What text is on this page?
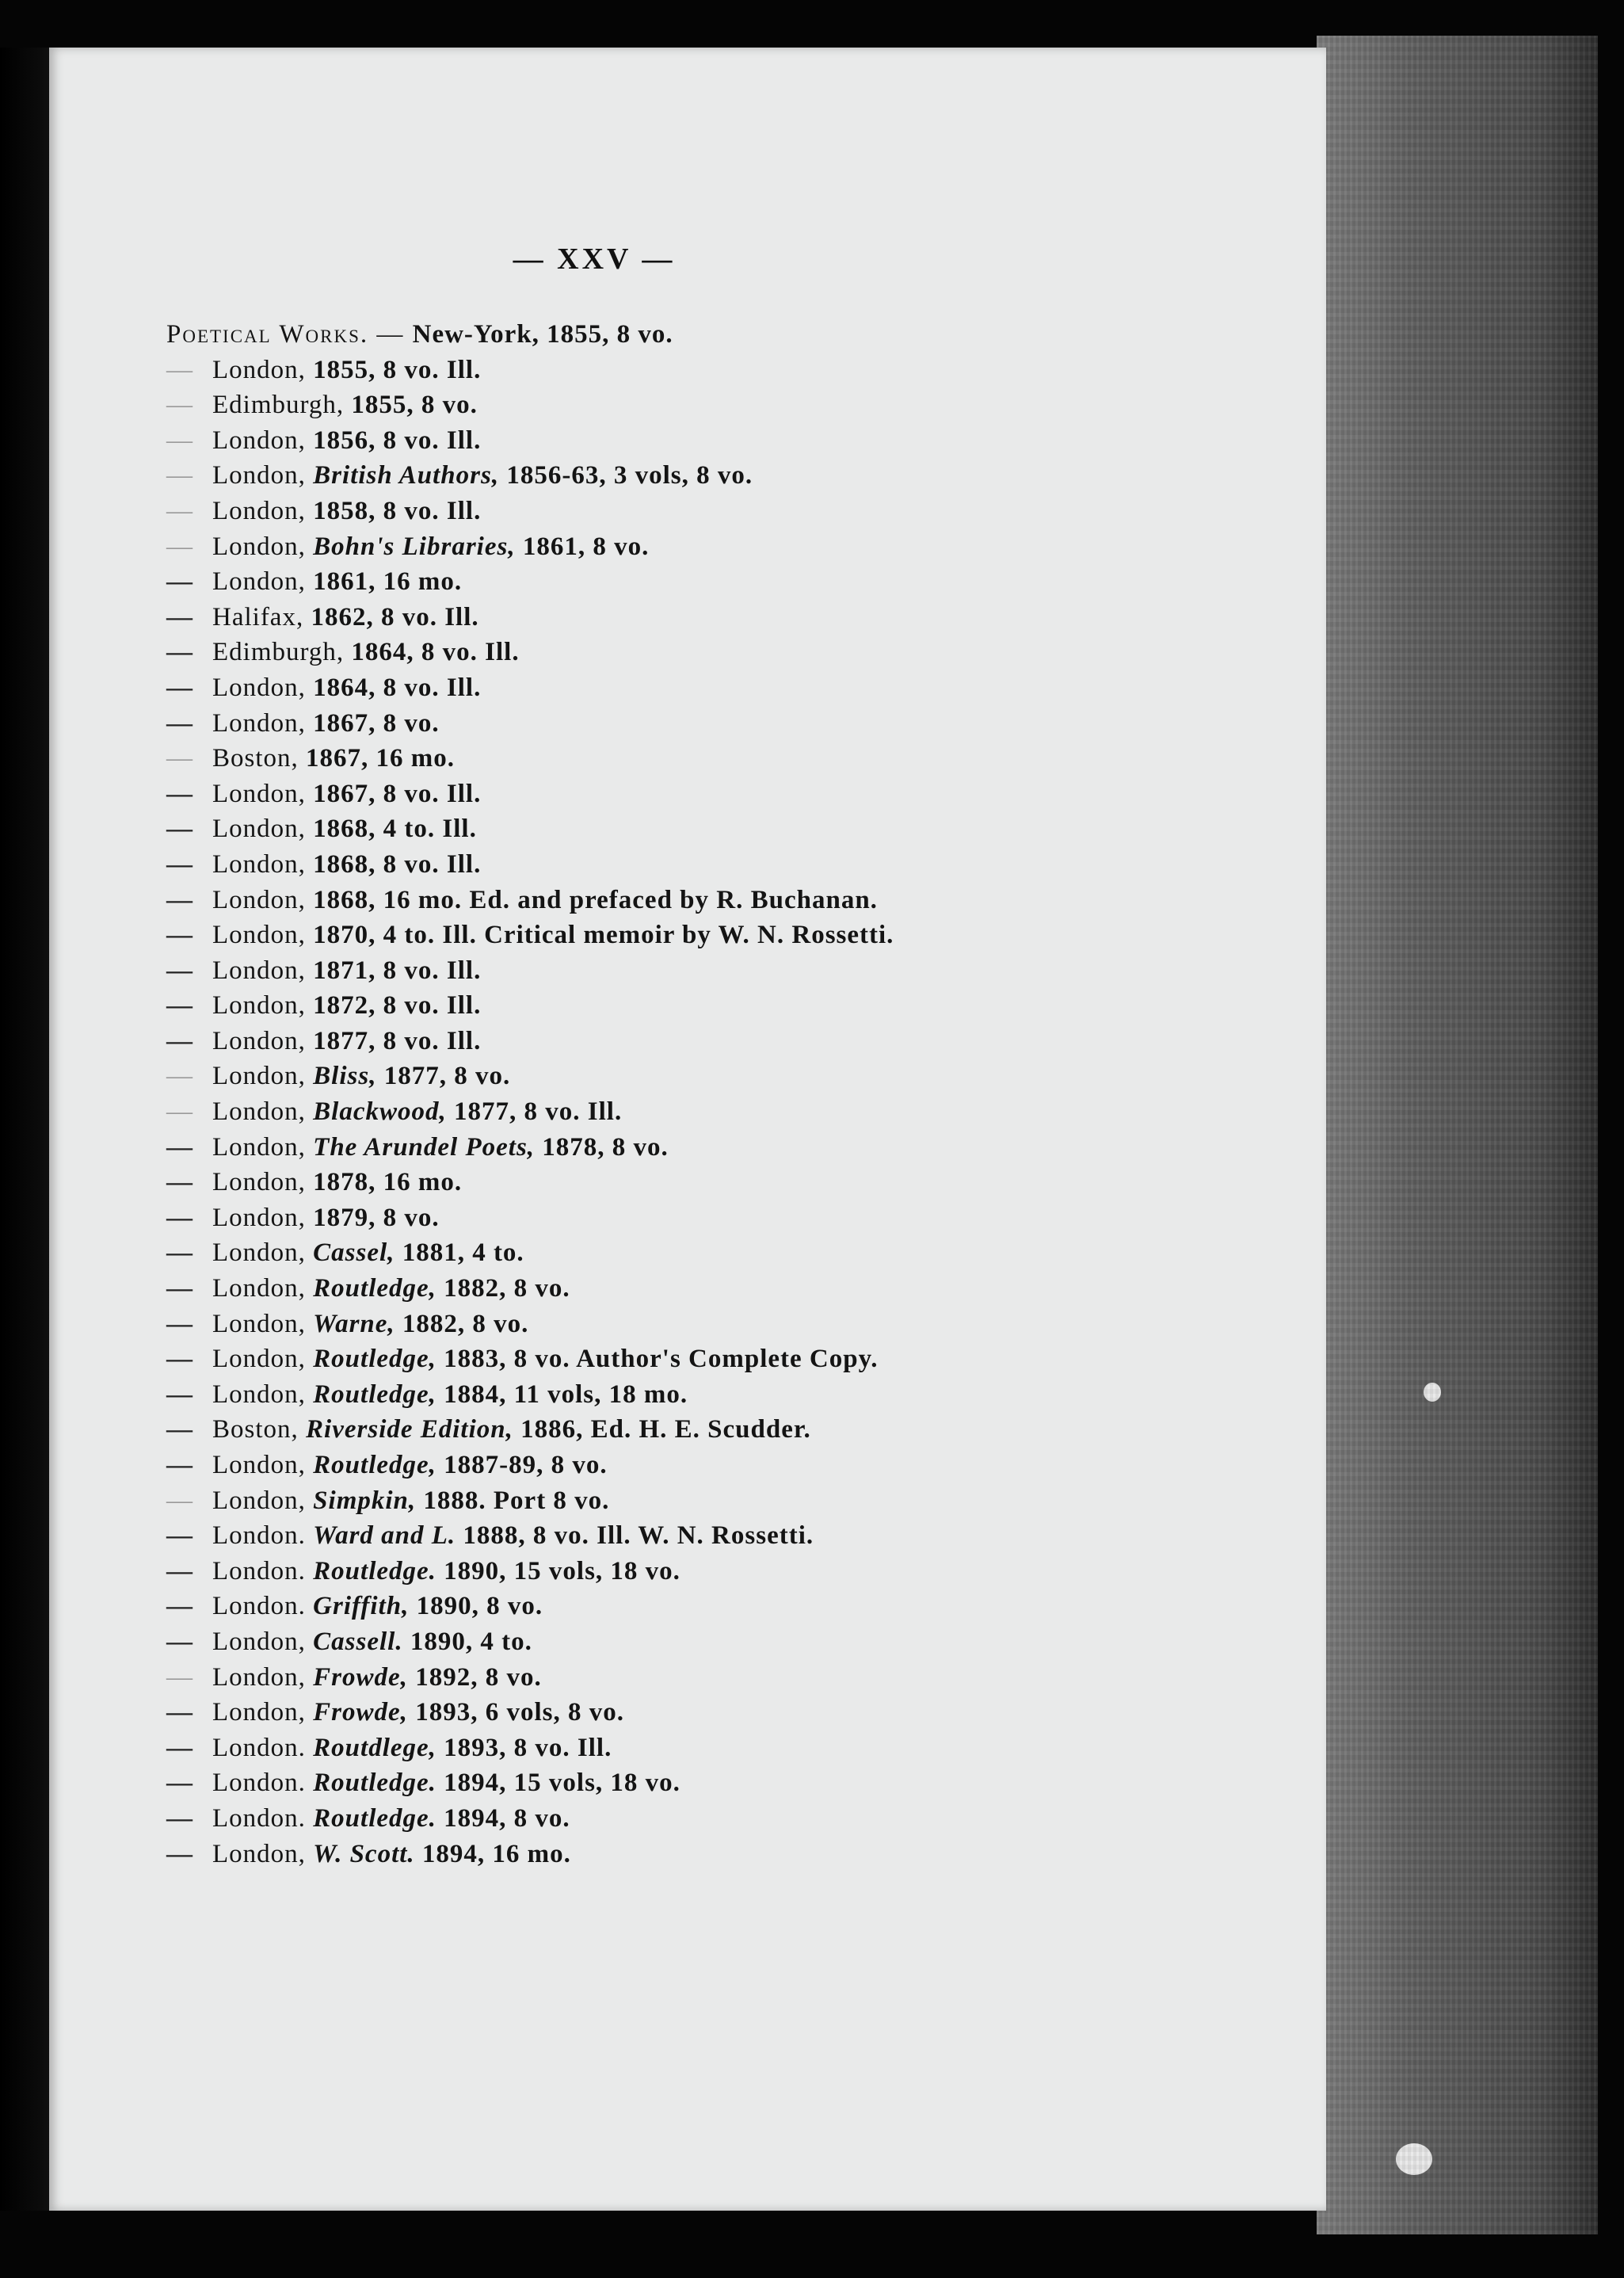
— XXV —
Poetical Works. — New-York, 1855, 8 vo.
— London, 1855, 8 vo. Ill.
— Edimburgh, 1855, 8 vo.
— London, 1856, 8 vo. Ill.
— London, British Authors, 1856-63, 3 vols, 8 vo.
— London, 1858, 8 vo. Ill.
— London, Bohn's Libraries, 1861, 8 vo.
— London, 1861, 16 mo.
— Halifax, 1862, 8 vo. Ill.
— Edimburgh, 1864, 8 vo. Ill.
— London, 1864, 8 vo. Ill.
— London, 1867, 8 vo.
— Boston, 1867, 16 mo.
— London, 1867, 8 vo. Ill.
— London, 1868, 4 to. Ill.
— London, 1868, 8 vo. Ill.
— London, 1868, 16 mo. Ed. and prefaced by R. Buchanan.
— London, 1870, 4 to. Ill. Critical memoir by W. N. Rossetti.
— London, 1871, 8 vo. Ill.
— London, 1872, 8 vo. Ill.
— London, 1877, 8 vo. Ill.
— London, Bliss, 1877, 8 vo.
— London, Blackwood, 1877, 8 vo. Ill.
— London, The Arundel Poets, 1878, 8 vo.
— London, 1878, 16 mo.
— London, 1879, 8 vo.
— London, Cassel, 1881, 4 to.
— London, Routledge, 1882, 8 vo.
— London, Warne, 1882, 8 vo.
— London, Routledge, 1883, 8 vo. Author's Complete Copy.
— London, Routledge, 1884, 11 vols, 18 mo.
— Boston, Riverside Edition, 1886, Ed. H. E. Scudder.
— London, Routledge, 1887-89, 8 vo.
— London, Simpkin, 1888. Port 8 vo.
— London. Ward and L. 1888, 8 vo. Ill. W. N. Rossetti.
— London. Routledge. 1890, 15 vols, 18 vo.
— London. Griffith, 1890, 8 vo.
— London, Cassell. 1890, 4 to.
— London, Frowde, 1892, 8 vo.
— London, Frowde, 1893, 6 vols, 8 vo.
— London. Routdlege, 1893, 8 vo. Ill.
— London. Routledge. 1894, 15 vols, 18 vo.
— London. Routledge. 1894, 8 vo.
— London, W. Scott. 1894, 16 mo.
